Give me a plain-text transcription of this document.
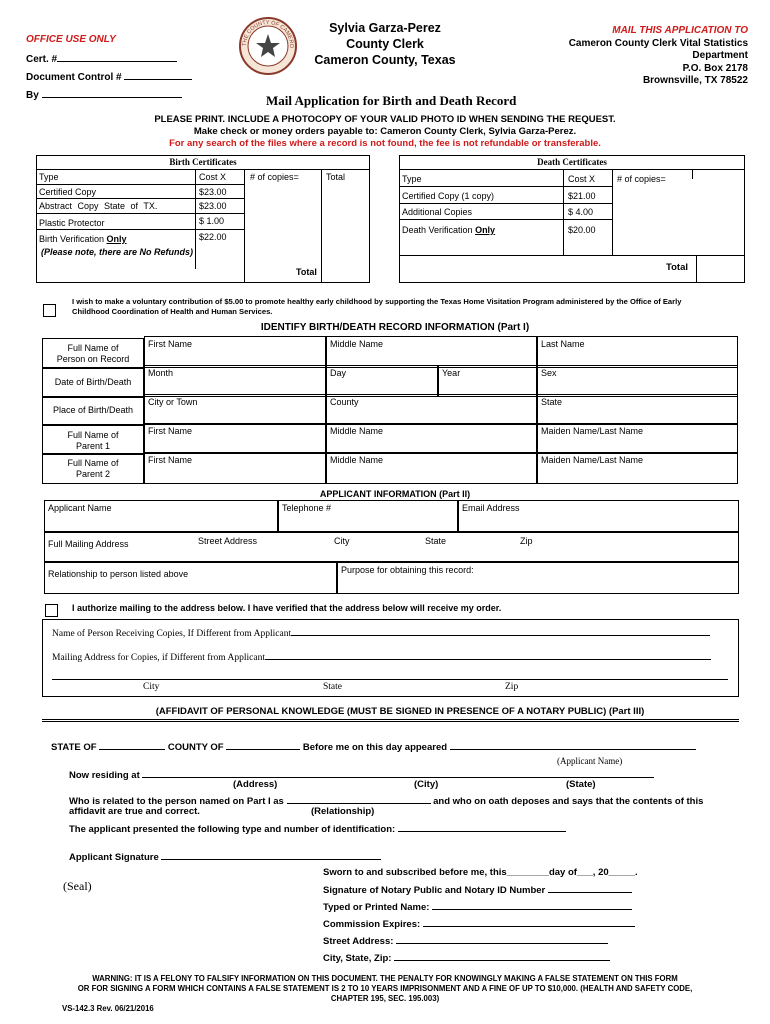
OFFICE USE ONLY
Cert. #
Document Control #
By
THE COUNTY OF CAMERO
Sylvia Garza-Perez
County Clerk
Cameron County, Texas
MAIL THIS APPLICATION TO
Cameron County Clerk Vital Statistics
Department
P.O. Box 2178
Brownsville, TX 78522
Mail Application for Birth and Death Record
PLEASE PRINT. INCLUDE A PHOTOCOPY OF YOUR VALID PHOTO ID WHEN SENDING THE REQUEST.
Make check or money orders payable to: Cameron County Clerk, Sylvia Garza-Perez.
For any search of the files where a record is not found, the fee is not refundable or transferable.
Birth Certificates
Type	Cost X	# of copies=	Total
Certified Copy	$23.00
Abstract Copy State of TX.	$23.00
Plastic Protector	$ 1.00
Birth Verification Only	$22.00
(Please note, there are No Refunds)
Total
Death Certificates
Type	Cost X # of copies=
Certified Copy (1 copy)	$21.00
Additional Copies	$ 4.00
Death Verification Only	$20.00
Total
I wish to make a voluntary contribution of $5.00 to promote healthy early childhood by supporting the Texas Home Visitation Program administered by the Office of Early
Childhood Coordination of Health and Human Services.
IDENTIFY BIRTH/DEATH RECORD INFORMATION (Part I)
Full Name of
Person on Record
First Name	Middle Name	Last Name
Date of Birth/Death
Month	Day	Year	Sex
Place of Birth/Death
City or Town	County	State
Full Name of
Parent 1
First Name	Middle Name	Maiden Name/Last Name
Full Name of
Parent 2
First Name	Middle Name	Maiden Name/Last Name
APPLICANT INFORMATION (Part II)
Applicant Name	Telephone #	Email Address
Full Mailing Address	Street Address	City	State	Zip
Relationship to person listed above	Purpose for obtaining this record:
I authorize mailing to the address below. I have verified that the address below will receive my order.
Name of Person Receiving Copies, If Different from Applicant
Mailing Address for Copies, if Different from Applicant
City	State	Zip
(AFFIDAVIT OF PERSONAL KNOWLEDGE (MUST BE SIGNED IN PRESENCE OF A NOTARY PUBLIC) (Part III)
STATE OF	COUNTY OF	Before me on this day appeared
(Applicant Name)
Now residing at
(Address)	(City)	(State)
Who is related to the person named on Part I as	and who on oath deposes and says that the contents of this
affidavit are true and correct.	(Relationship)
The applicant presented the following type and number of identification:
Applicant Signature
Sworn to and subscribed before me, this________day of___, 20_____.
(Seal)	Signature of Notary Public and Notary ID Number
Typed or Printed Name:
Commission Expires:
Street Address:
City, State, Zip:
WARNING: IT IS A FELONY TO FALSIFY INFORMATION ON THIS DOCUMENT. THE PENALTY FOR KNOWINGLY MAKING A FALSE STATEMENT ON THIS FORM
OR FOR SIGNING A FORM WHICH CONTAINS A FALSE STATEMENT IS 2 TO 10 YEARS IMPRISONMENT AND A FINE OF UP TO $10,000. (HEALTH AND SAFETY CODE,
CHAPTER 195, SEC. 195.003)
VS-142.3 Rev. 06/21/2016
